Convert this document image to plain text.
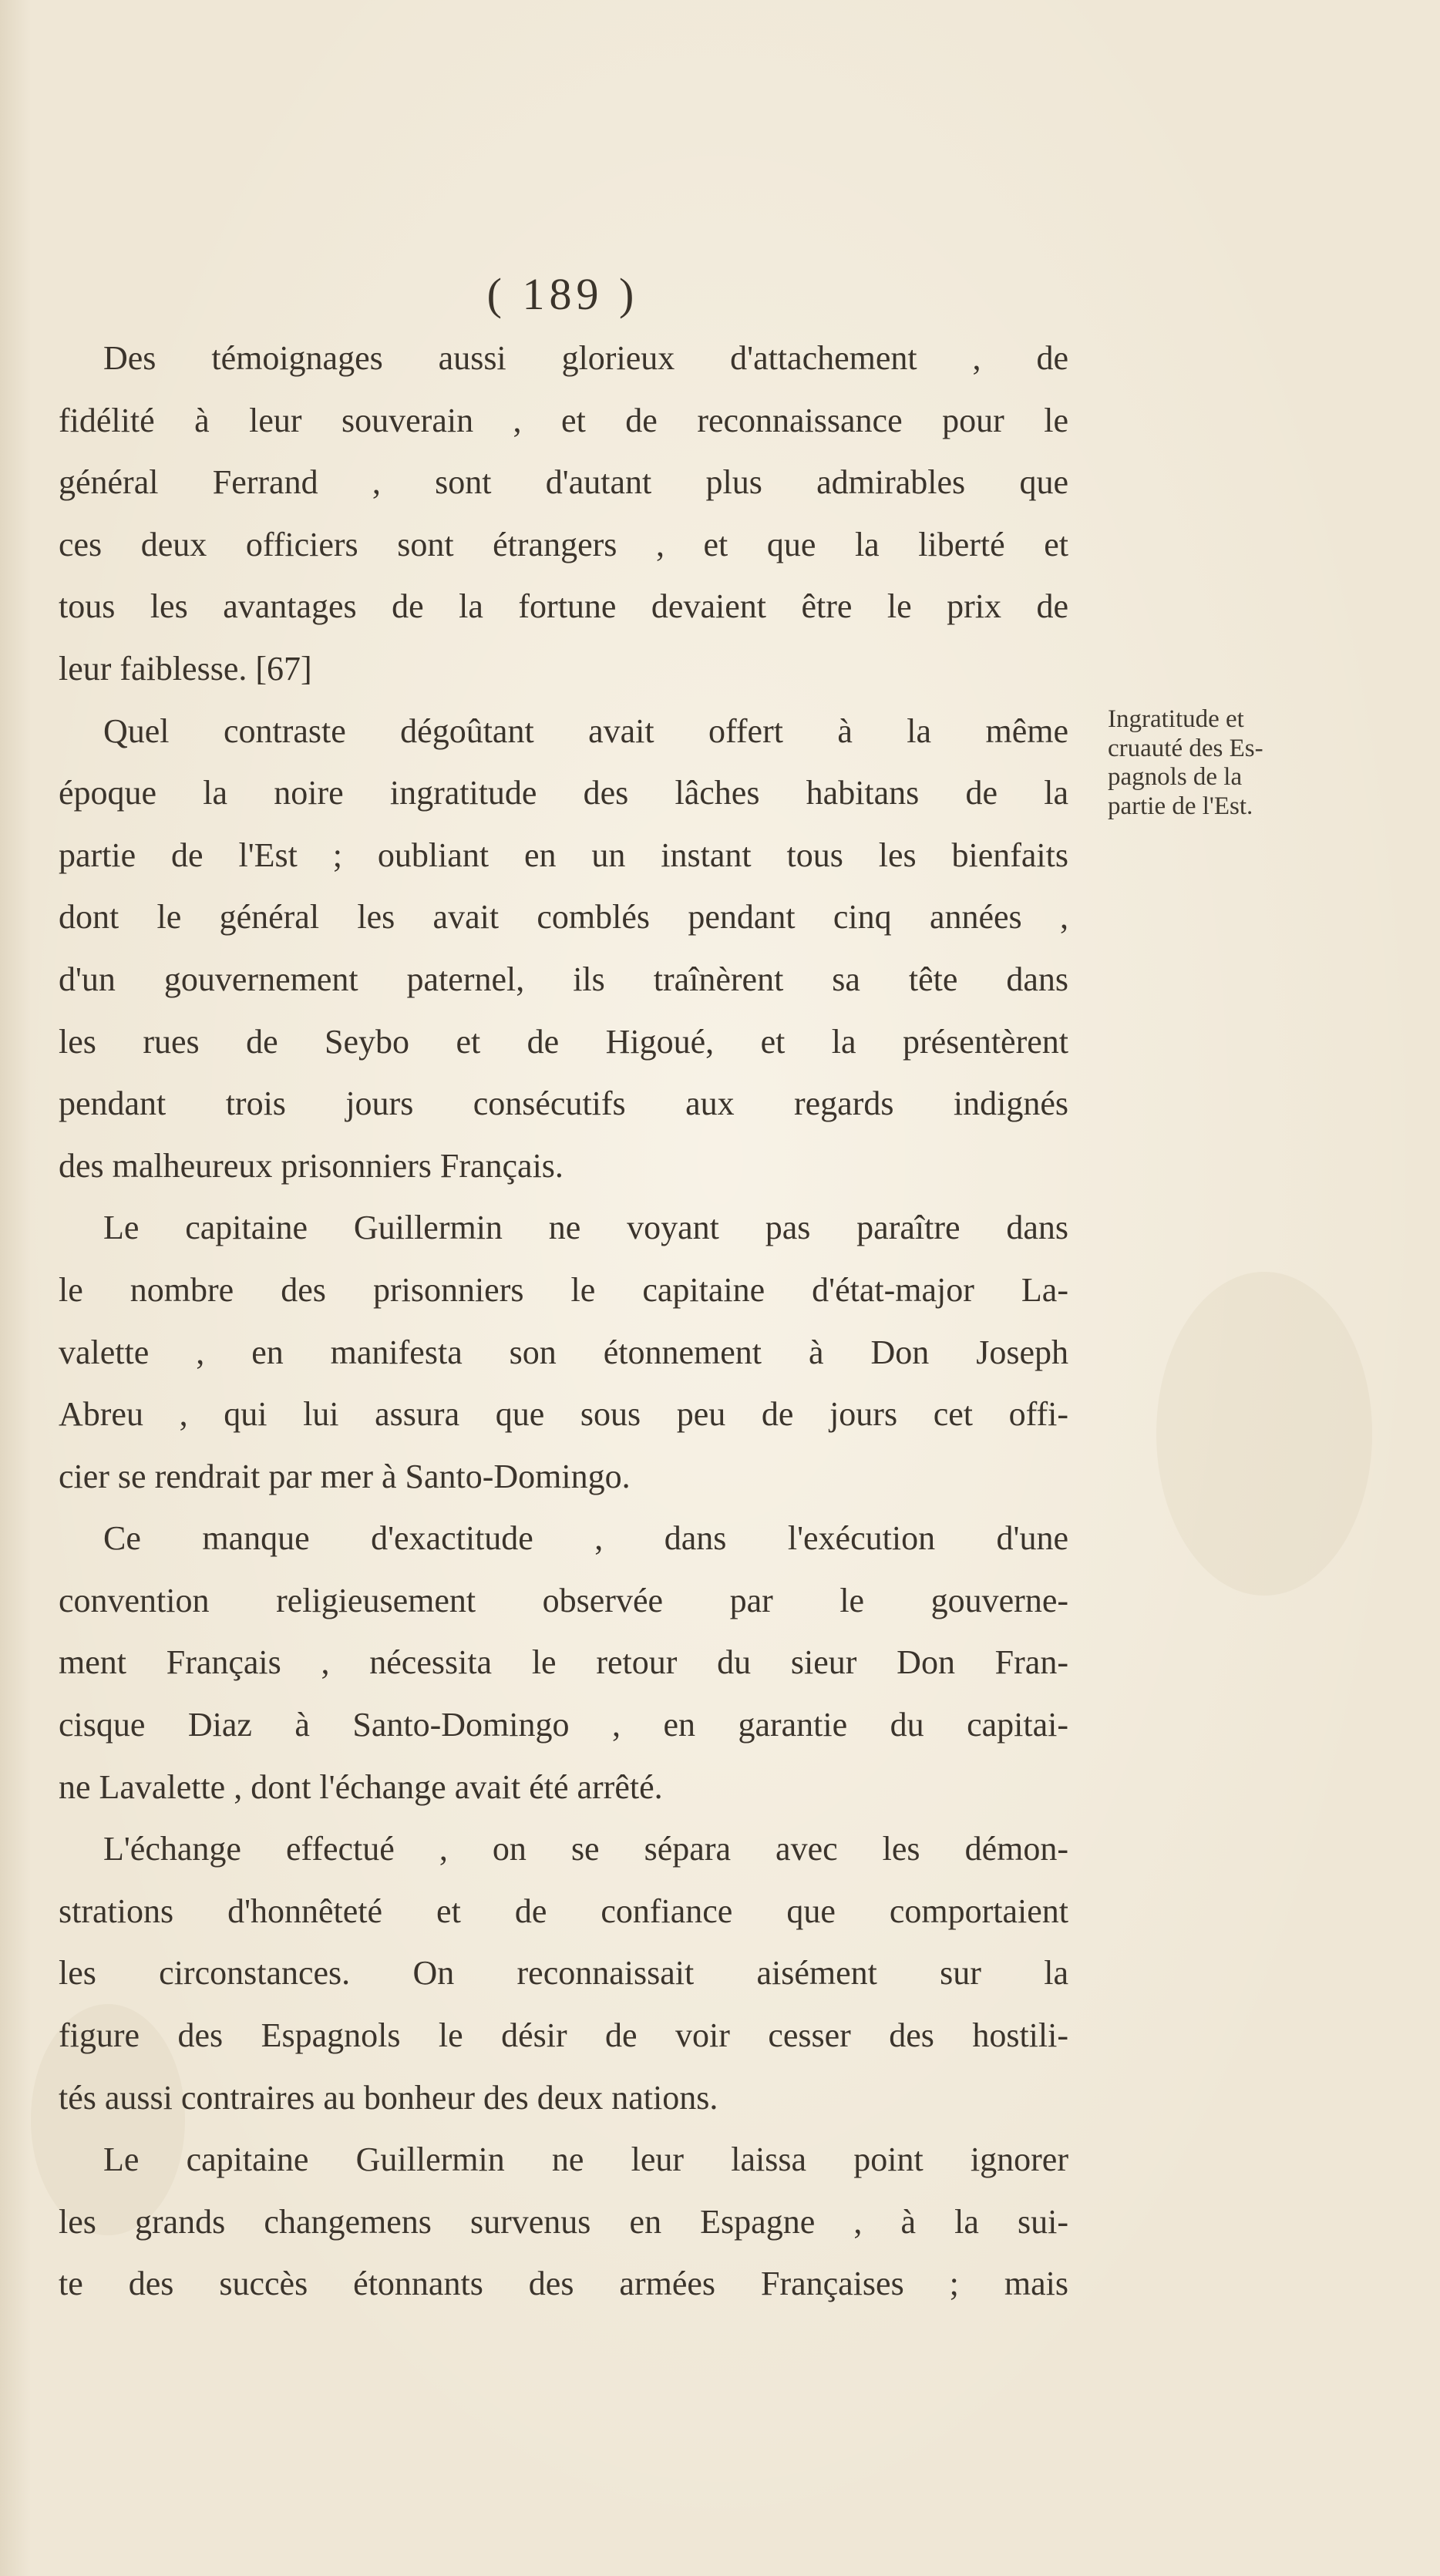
( 189 )

Des témoignages aussi glorieux d'attachement , de
fidélité à leur souverain , et de reconnaissance pour le
général Ferrand , sont d'autant plus admirables que
ces deux officiers sont étrangers , et que la liberté et
tous les avantages de la fortune devaient être le prix de
leur faiblesse. [67]

Quel contraste dégoûtant avait offert à la même
époque la noire ingratitude des lâches habitans de la
partie de l'Est ; oubliant en un instant tous les bienfaits
dont le général les avait comblés pendant cinq années ,
d'un gouvernement paternel, ils traînèrent sa tête dans
les rues de Seybo et de Higoué, et la présentèrent
pendant trois jours consécutifs aux regards indignés
des malheureux prisonniers Français.

Le capitaine Guillermin ne voyant pas paraître dans
le nombre des prisonniers le capitaine d'état-major La-
valette , en manifesta son étonnement à Don Joseph
Abreu , qui lui assura que sous peu de jours cet offi-
cier se rendrait par mer à Santo-Domingo.

Ce manque d'exactitude , dans l'exécution d'une
convention religieusement observée par le gouverne-
ment Français , nécessita le retour du sieur Don Fran-
cisque Diaz à Santo-Domingo , en garantie du capitai-
ne Lavalette , dont l'échange avait été arrêté.

L'échange effectué , on se sépara avec les démon-
strations d'honnêteté et de confiance que comportaient
les circonstances. On reconnaissait aisément sur la
figure des Espagnols le désir de voir cesser des hostili-
tés aussi contraires au bonheur des deux nations.

Le capitaine Guillermin ne leur laissa point ignorer
les grands changemens survenus en Espagne , à la sui-
te des succès étonnants des armées Françaises ; mais

Ingratitude et
cruauté des Es-
pagnols de la
partie de l'Est.
